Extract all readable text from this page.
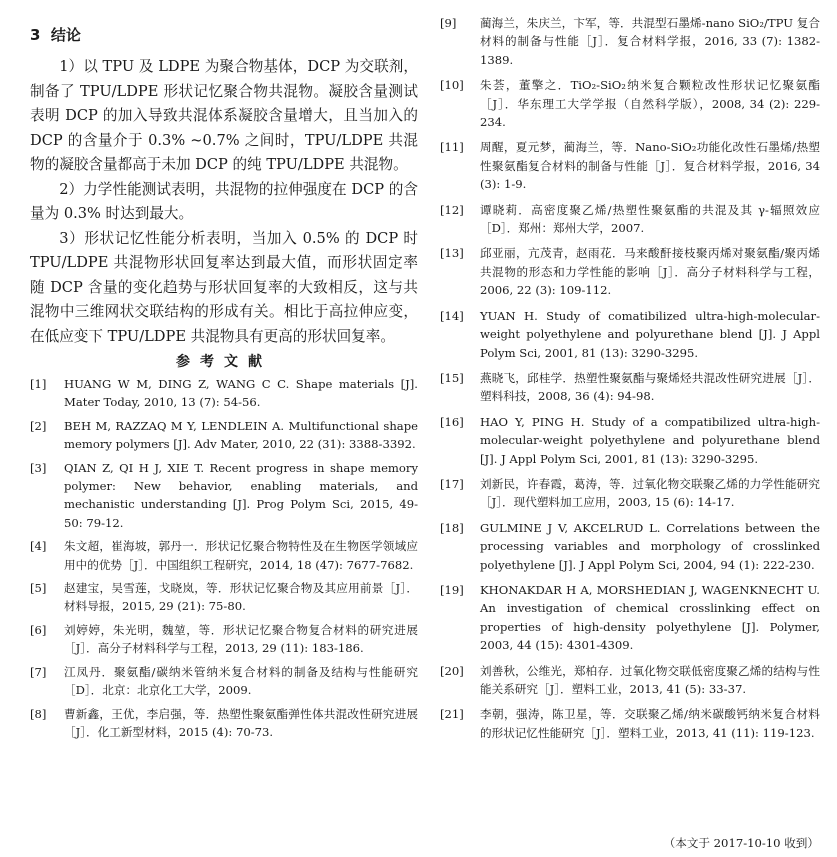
3 结论

1）以 TPU 及 LDPE 为聚合物基体，DCP 为交联剂，制备了 TPU/LDPE 形状记忆聚合物共混物。凝胶含量测试表明 DCP 的加入导致共混体系凝胶含量增大，且当加入的 DCP 的含量介于 0.3% ~0.7% 之间时，TPU/LDPE 共混物的凝胶含量都高于未加 DCP 的纯 TPU/LDPE 共混物。

2）力学性能测试表明，共混物的拉伸强度在 DCP 的含量为 0.3% 时达到最大。

3）形状记忆性能分析表明，当加入 0.5% 的 DCP 时 TPU/LDPE 共混物形状回复率达到最大值，而形状固定率随 DCP 含量的变化趋势与形状回复率的大致相反，这与共混物中三维网状交联结构的形成有关。相比于高拉伸应变，在低应变下 TPU/LDPE 共混物具有更高的形状回复率。

参考文献
[1]	HUANG W M, DING Z, WANG C C. Shape materials [J]. Mater Today, 2010, 13 (7): 54-56.
[2]	BEH M, RAZZAQ M Y, LENDLEIN A. Multifunctional shape memory polymers [J]. Adv Mater, 2010, 22 (31): 3388-3392.
[3]	QIAN Z, QI H J, XIE T. Recent progress in shape memory polymer: New behavior, enabling materials, and mechanistic understanding [J]. Prog Polym Sci, 2015, 49-50: 79-12.
[4]	朱文超，崔海坡，郭丹一．形状记忆聚合物特性及在生物医学领域应用中的优势［J］．中国组织工程研究，2014, 18 (47): 7677-7682.
[5]	赵建宝，吴雪莲，戈晓岚，等．形状记忆聚合物及其应用前景［J］．材料导报，2015, 29 (21): 75-80.
[6]	刘婷婷，朱光明，魏堃，等．形状记忆聚合物复合材料的研究进展［J］．高分子材料科学与工程，2013, 29 (11): 183-186.
[7]	江凤丹．聚氨酯/碳纳米管纳米复合材料的制备及结构与性能研究［D］．北京：北京化工大学，2009.
[8]	曹新鑫，王优，李启强，等．热塑性聚氨酯弹性体共混改性研究进展［J］．化工新型材料，2015 (4): 70-73.
[9]	蔺海兰，朱庆兰，卞军，等．共混型石墨烯-nano SiO₂/TPU 复合材料的制备与性能［J］．复合材料学报，2016, 33 (7): 1382-1389.
[10]	朱荟，董擎之．TiO₂-SiO₂纳米复合颗粒改性形状记忆聚氨酯［J］．华东理工大学学报（自然科学版），2008, 34 (2): 229-234.
[11]	周醒，夏元梦，蔺海兰，等．Nano-SiO₂功能化改性石墨烯/热塑性聚氨酯复合材料的制备与性能［J］．复合材料学报，2016, 34 (3): 1-9.
[12]	谭晓莉．高密度聚乙烯/热塑性聚氨酯的共混及其 γ-辐照效应［D］．郑州：郑州大学，2007.
[13]	邱亚丽，亢茂青，赵雨花．马来酸酐接枝聚丙烯对聚氨酯/聚丙烯共混物的形态和力学性能的影响［J］．高分子材料科学与工程，2006, 22 (3): 109-112.
[14]	YUAN H. Study of comatibilized ultra-high-molecular-weight polyethylene and polyurethane blend [J]. J Appl Polym Sci, 2001, 81 (13): 3290-3295.
[15]	燕晓飞，邱桂学．热塑性聚氨酯与聚烯烃共混改性研究进展［J］．塑料科技，2008, 36 (4): 94-98.
[16]	HAO Y, PING H. Study of a compatibilized ultra-high-molecular-weight polyethylene and polyurethane blend [J]. J Appl Polym Sci, 2001, 81 (13): 3290-3295.
[17]	刘新民，许春霞，葛涛，等．过氧化物交联聚乙烯的力学性能研究［J］．现代塑料加工应用，2003, 15 (6): 14-17.
[18]	GULMINE J V, AKCELRUD L. Correlations between the processing variables and morphology of crosslinked polyethylene [J]. J Appl Polym Sci, 2004, 94 (1): 222-230.
[19]	KHONAKDAR H A, MORSHEDIAN J, WAGENKNECHT U. An investigation of chemical crosslinking effect on properties of high-density polyethylene [J]. Polymer, 2003, 44 (15): 4301-4309.
[20]	刘善秋，公维光，郑柏存．过氧化物交联低密度聚乙烯的结构与性能关系研究［J］．塑料工业，2013, 41 (5): 33-37.
[21]	李朝，强涛，陈卫星，等．交联聚乙烯/纳米碳酸钙纳米复合材料的形状记忆性能研究［J］．塑料工业，2013, 41 (11): 119-123.
（本文于 2017-10-10 收到）
